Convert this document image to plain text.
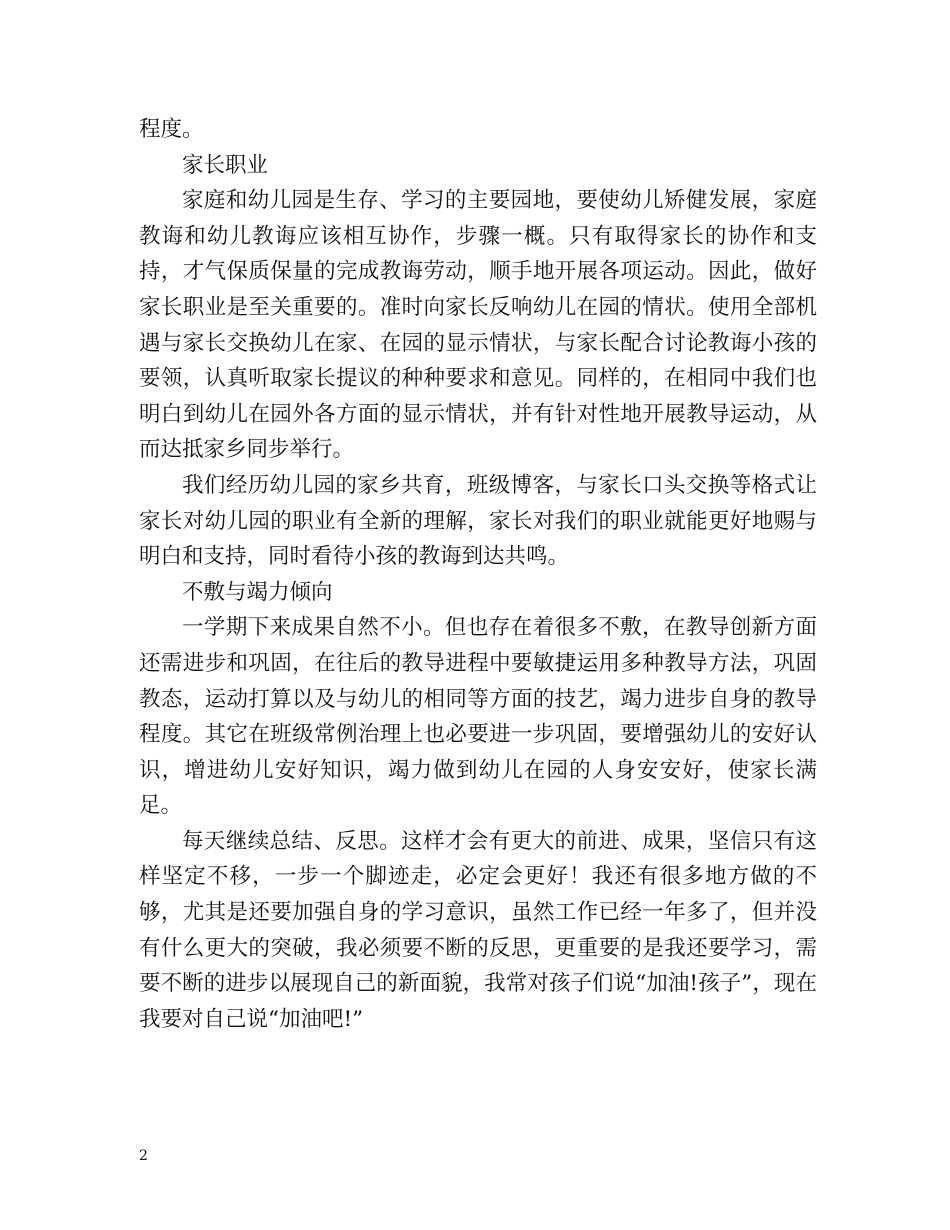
程度。

家长职业

家庭和幼儿园是生存、学习的主要园地，要使幼儿矫健发展，家庭教诲和幼儿教诲应该相互协作，步骤一概。只有取得家长的协作和支持，才气保质保量的完成教诲劳动，顺手地开展各项运动。因此，做好家长职业是至关重要的。准时向家长反响幼儿在园的情状。使用全部机遇与家长交换幼儿在家、在园的显示情状，与家长配合讨论教诲小孩的要领，认真听取家长提议的种种要求和意见。同样的，在相同中我们也明白到幼儿在园外各方面的显示情状，并有针对性地开展教导运动，从而达抵家乡同步举行。

我们经历幼儿园的家乡共育，班级博客，与家长口头交换等格式让家长对幼儿园的职业有全新的理解，家长对我们的职业就能更好地赐与明白和支持，同时看待小孩的教诲到达共鸣。

不敷与竭力倾向

一学期下来成果自然不小。但也存在着很多不敷，在教导创新方面还需进步和巩固，在往后的教导进程中要敏捷运用多种教导方法，巩固教态，运动打算以及与幼儿的相同等方面的技艺，竭力进步自身的教导程度。其它在班级常例治理上也必要进一步巩固，要增强幼儿的安好认识，增进幼儿安好知识，竭力做到幼儿在园的人身安安好，使家长满足。

每天继续总结、反思。这样才会有更大的前进、成果，坚信只有这样坚定不移，一步一个脚迹走，必定会更好！我还有很多地方做的不够，尤其是还要加强自身的学习意识，虽然工作已经一年多了，但并没有什么更大的突破，我必须要不断的反思，更重要的是我还要学习，需要不断的进步以展现自己的新面貌，我常对孩子们说“加油!孩子”，现在我要对自己说“加油吧!”

2
